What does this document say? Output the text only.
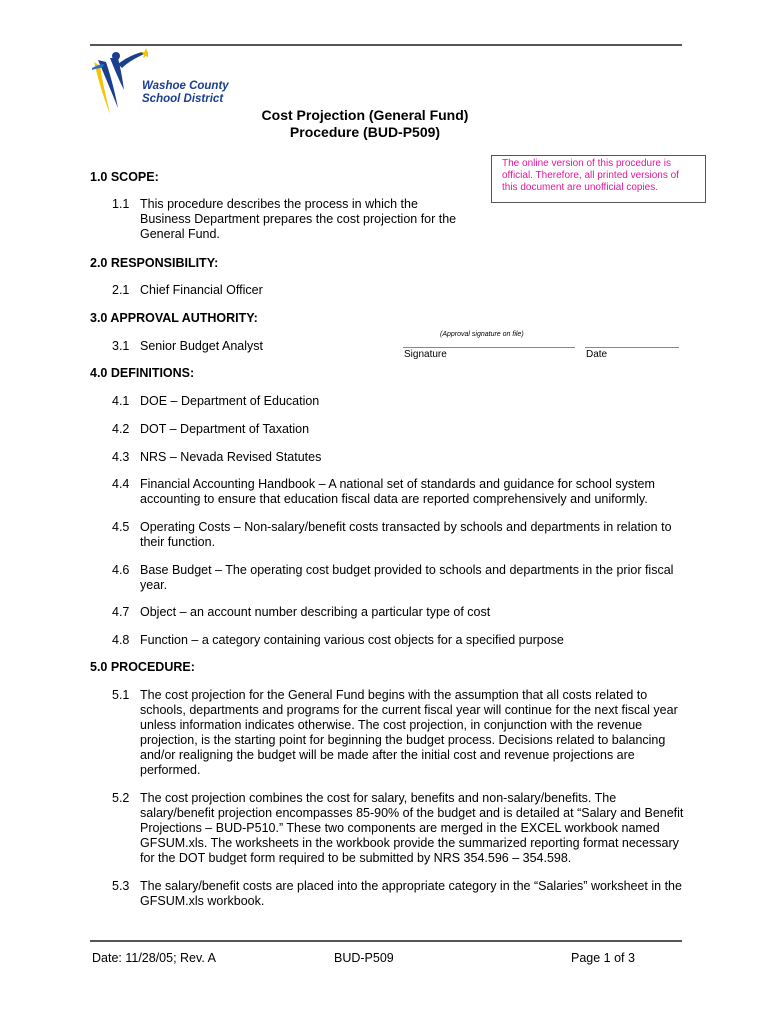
Washoe County
School District
Cost Projection (General Fund)
Procedure (BUD-P509)
The online version of this procedure is official. Therefore, all printed versions of this document are unofficial copies.
1.0 SCOPE:
1.1 This procedure describes the process in which the Business Department prepares the cost projection for the General Fund.
2.0 RESPONSIBILITY:
2.1 Chief Financial Officer
3.0 APPROVAL AUTHORITY:
3.1 Senior Budget Analyst
(Approval signature on file)
Signature	Date
4.0 DEFINITIONS:
4.1 DOE – Department of Education
4.2 DOT – Department of Taxation
4.3 NRS – Nevada Revised Statutes
4.4 Financial Accounting Handbook – A national set of standards and guidance for school system accounting to ensure that education fiscal data are reported comprehensively and uniformly.
4.5 Operating Costs – Non-salary/benefit costs transacted by schools and departments in relation to their function.
4.6 Base Budget – The operating cost budget provided to schools and departments in the prior fiscal year.
4.7 Object – an account number describing a particular type of cost
4.8 Function – a category containing various cost objects for a specified purpose
5.0 PROCEDURE:
5.1 The cost projection for the General Fund begins with the assumption that all costs related to schools, departments and programs for the current fiscal year will continue for the next fiscal year unless information indicates otherwise. The cost projection, in conjunction with the revenue projection, is the starting point for beginning the budget process. Decisions related to balancing and/or realigning the budget will be made after the initial cost and revenue projections are performed.
5.2 The cost projection combines the cost for salary, benefits and non-salary/benefits. The salary/benefit projection encompasses 85-90% of the budget and is detailed at “Salary and Benefit Projections – BUD-P510.” These two components are merged in the EXCEL workbook named GFSUM.xls. The worksheets in the workbook provide the summarized reporting format necessary for the DOT budget form required to be submitted by NRS 354.596 – 354.598.
5.3 The salary/benefit costs are placed into the appropriate category in the “Salaries” worksheet in the GFSUM.xls workbook.
Date: 11/28/05; Rev. A	BUD-P509	Page 1 of 3
